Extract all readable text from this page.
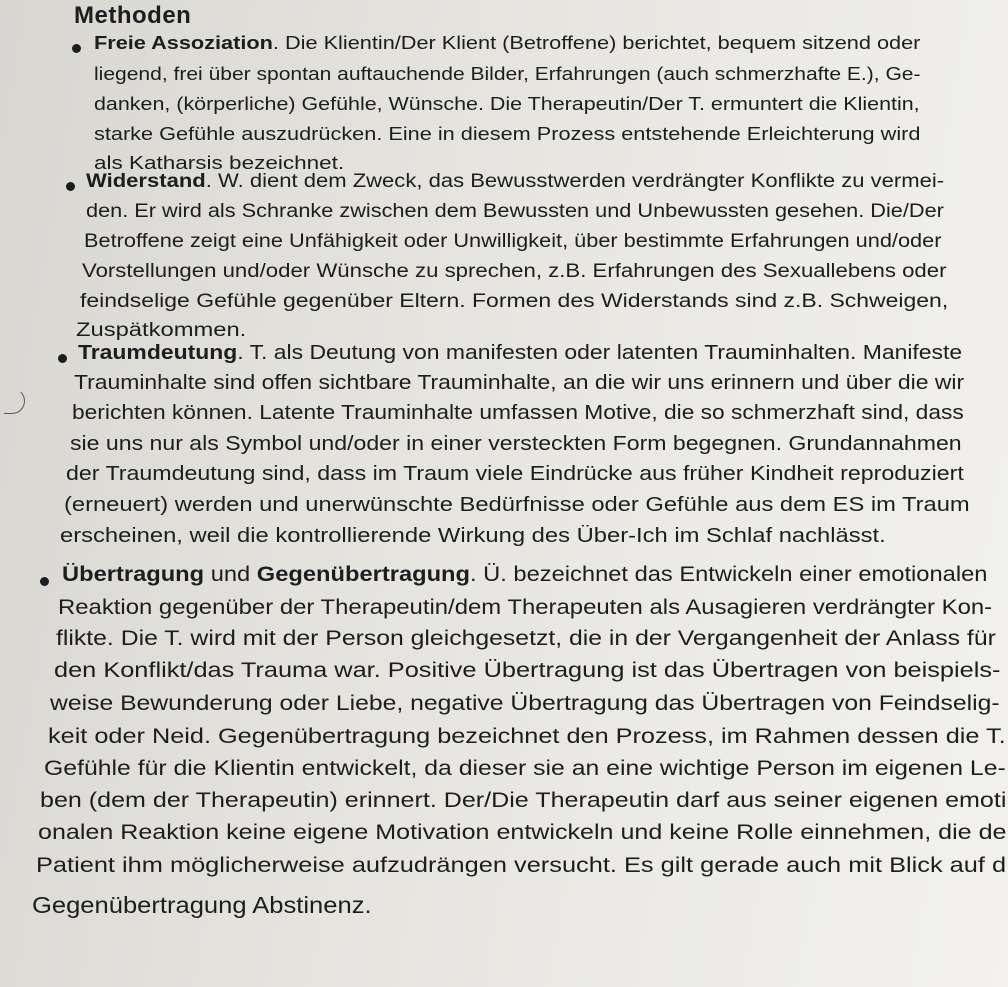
Methoden
Freie Assoziation. Die Klientin/Der Klient (Betroffene) berichtet, bequem sitzend oder
liegend, frei über spontan auftauchende Bilder, Erfahrungen (auch schmerzhafte E.), Ge-
danken, (körperliche) Gefühle, Wünsche. Die Therapeutin/Der T. ermuntert die Klientin,
starke Gefühle auszudrücken. Eine in diesem Prozess entstehende Erleichterung wird
als Katharsis bezeichnet.
Widerstand. W. dient dem Zweck, das Bewusstwerden verdrängter Konflikte zu vermei-
den. Er wird als Schranke zwischen dem Bewussten und Unbewussten gesehen. Die/Der
Betroffene zeigt eine Unfähigkeit oder Unwilligkeit, über bestimmte Erfahrungen und/oder
Vorstellungen und/oder Wünsche zu sprechen, z.B. Erfahrungen des Sexuallebens oder
feindselige Gefühle gegenüber Eltern. Formen des Widerstands sind z.B. Schweigen,
Zuspätkommen.
Traumdeutung. T. als Deutung von manifesten oder latenten Trauminhalten. Manifeste
Trauminhalte sind offen sichtbare Trauminhalte, an die wir uns erinnern und über die wir
berichten können. Latente Trauminhalte umfassen Motive, die so schmerzhaft sind, dass
sie uns nur als Symbol und/oder in einer versteckten Form begegnen. Grundannahmen
der Traumdeutung sind, dass im Traum viele Eindrücke aus früher Kindheit reproduziert
(erneuert) werden und unerwünschte Bedürfnisse oder Gefühle aus dem ES im Traum
erscheinen, weil die kontrollierende Wirkung des Über-Ich im Schlaf nachlässt.
Übertragung und Gegenübertragung. Ü. bezeichnet das Entwickeln einer emotionalen
Reaktion gegenüber der Therapeutin/dem Therapeuten als Ausagieren verdrängter Kon-
flikte. Die T. wird mit der Person gleichgesetzt, die in der Vergangenheit der Anlass für
den Konflikt/das Trauma war. Positive Übertragung ist das Übertragen von beispiels-
weise Bewunderung oder Liebe, negative Übertragung das Übertragen von Feindselig-
keit oder Neid. Gegenübertragung bezeichnet den Prozess, im Rahmen dessen die T.
Gefühle für die Klientin entwickelt, da dieser sie an eine wichtige Person im eigenen Le-
ben (dem der Therapeutin) erinnert. Der/Die Therapeutin darf aus seiner eigenen emoti
onalen Reaktion keine eigene Motivation entwickeln und keine Rolle einnehmen, die de
Patient ihm möglicherweise aufzudrängen versucht. Es gilt gerade auch mit Blick auf d
Gegenübertragung Abstinenz.
